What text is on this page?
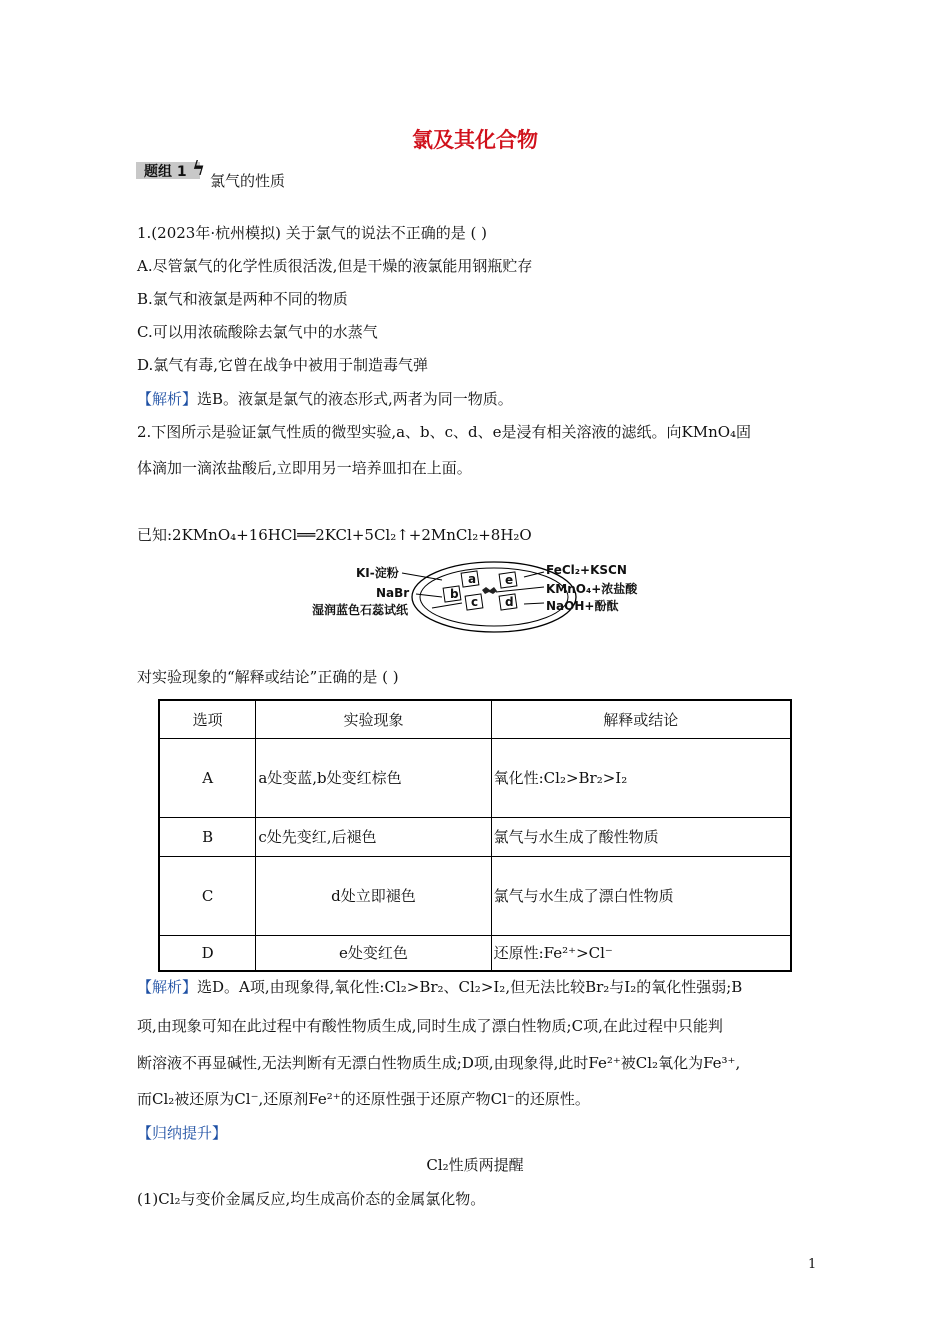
氯及其化合物
题组 1 ϟ
氯气的性质
1.(2023年·杭州模拟) 关于氯气的说法不正确的是 ( )
A.尽管氯气的化学性质很活泼,但是干燥的液氯能用钢瓶贮存
B.氯气和液氯是两种不同的物质
C.可以用浓硫酸除去氯气中的水蒸气
D.氯气有毒,它曾在战争中被用于制造毒气弹
【解析】选B。液氯是氯气的液态形式,两者为同一物质。
2.下图所示是验证氯气性质的微型实验,a、b、c、d、e是浸有相关溶液的滤纸。向KMnO₄固
体滴加一滴浓盐酸后,立即用另一培养皿扣在上面。
已知:2KMnO₄+16HCl══2KCl+5Cl₂↑+2MnCl₂+8H₂O
a
b
c d
e
KI-淀粉
NaBr
湿润蓝色石蕊试纸
FeCl₂+KSCN
KMnO₄+浓盐酸
NaOH+酚酞
对实验现象的“解释或结论”正确的是 ( )
选项	实验现象	解释或结论
A	a处变蓝,b处变红棕色	氧化性:Cl₂>Br₂>I₂
B	c处先变红,后褪色	氯气与水生成了酸性物质
C	d处立即褪色	氯气与水生成了漂白性物质
D	e处变红色	还原性:Fe²⁺>Cl⁻
【解析】选D。A项,由现象得,氧化性:Cl₂>Br₂、Cl₂>I₂,但无法比较Br₂与I₂的氧化性强弱;B
项,由现象可知在此过程中有酸性物质生成,同时生成了漂白性物质;C项,在此过程中只能判
断溶液不再显碱性,无法判断有无漂白性物质生成;D项,由现象得,此时Fe²⁺被Cl₂氧化为Fe³⁺,
而Cl₂被还原为Cl⁻,还原剂Fe²⁺的还原性强于还原产物Cl⁻的还原性。
【归纳提升】
Cl₂性质两提醒
(1)Cl₂与变价金属反应,均生成高价态的金属氯化物。
1
